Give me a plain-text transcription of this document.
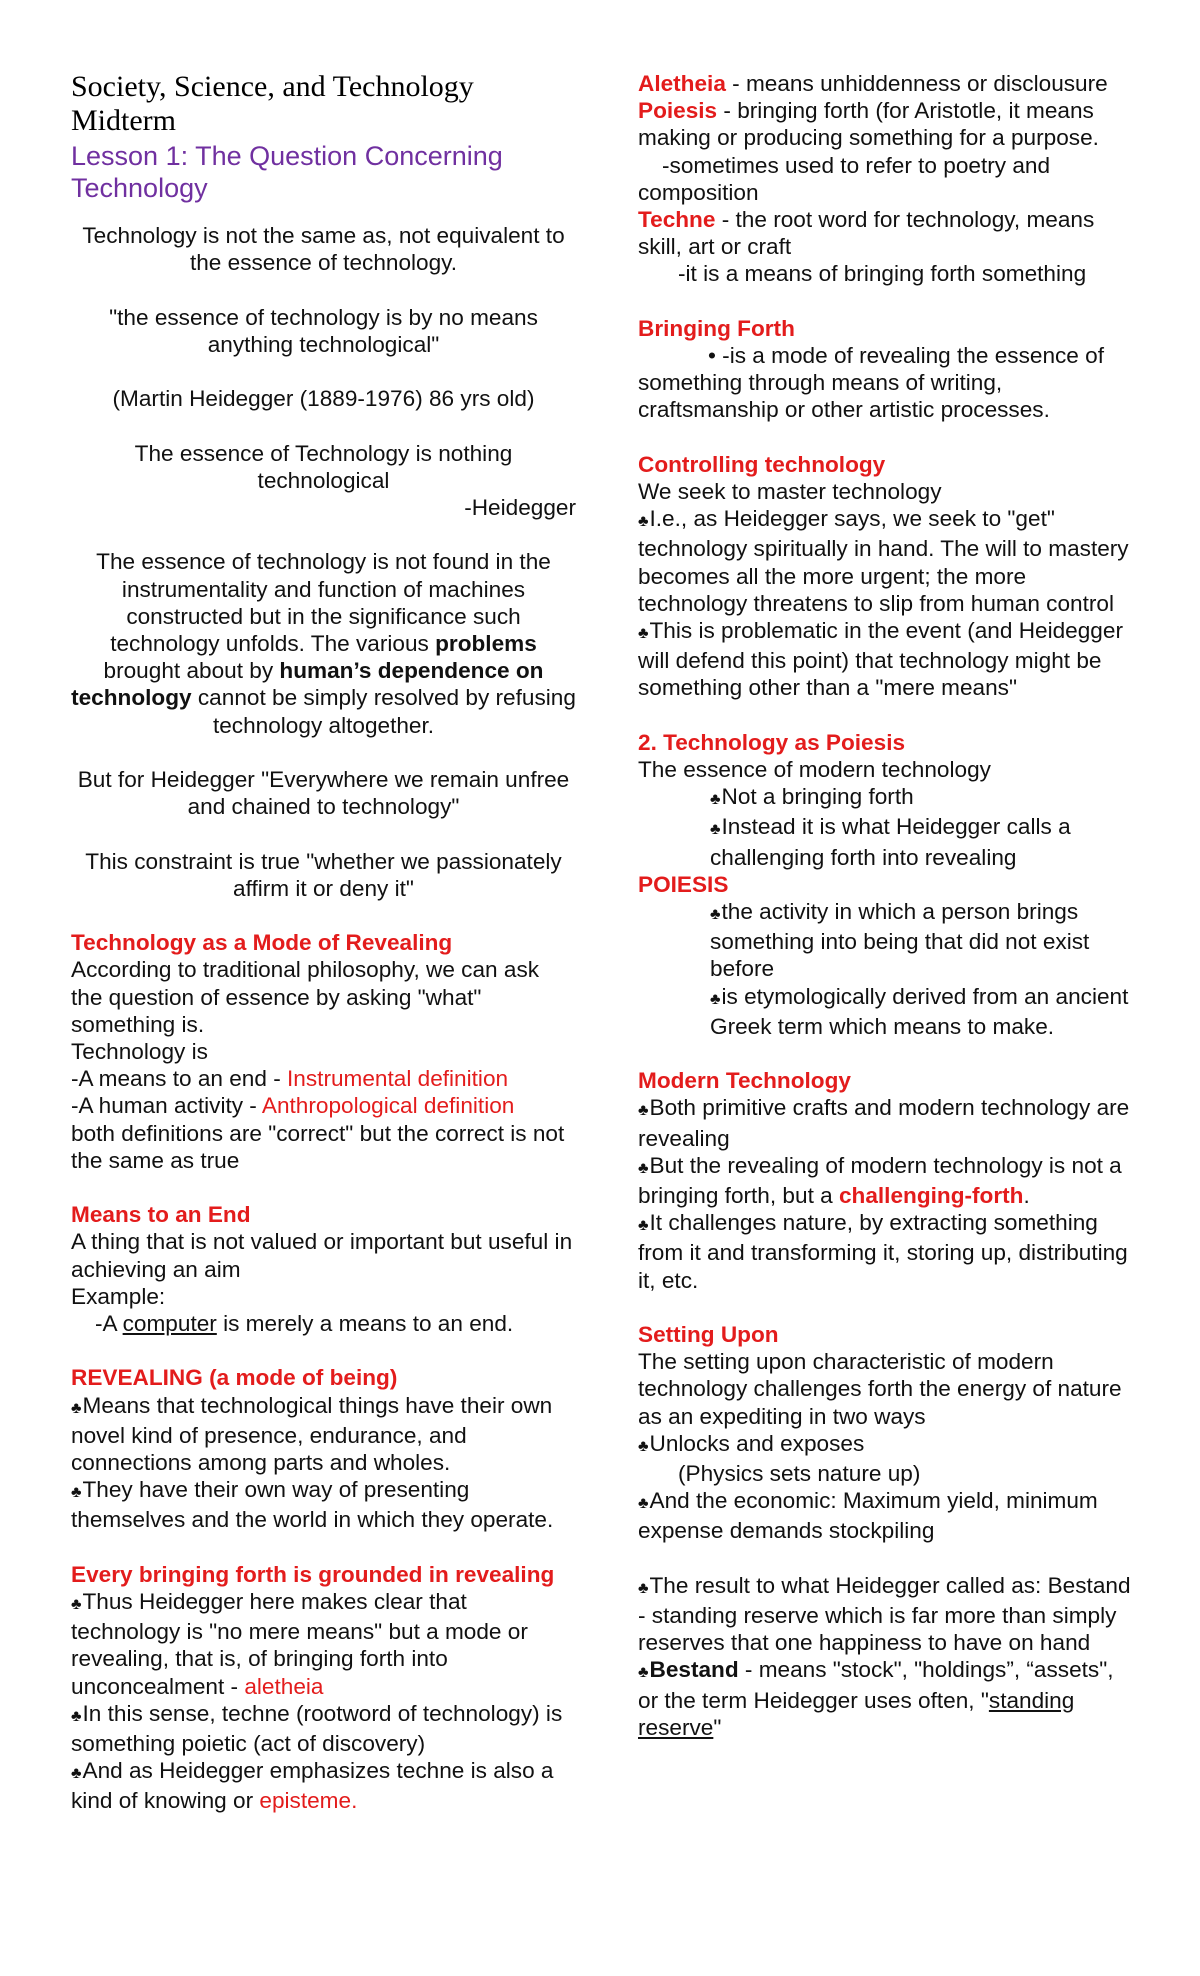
Society, Science, and Technology
Midterm
Lesson 1: The Question Concerning
Technology
Technology is not the same as, not equivalent to the essence of technology.
"the essence of technology is by no means anything technological"
(Martin Heidegger (1889-1976) 86 yrs old)
The essence of Technology is nothing technological
-Heidegger
The essence of technology is not found in the instrumentality and function of machines constructed but in the significance such technology unfolds. The various problems brought about by human’s dependence on technology cannot be simply resolved by refusing technology altogether.
But for Heidegger "Everywhere we remain unfree and chained to technology"
This constraint is true "whether we passionately affirm it or deny it"
Technology as a Mode of Revealing
According to traditional philosophy, we can ask the question of essence by asking "what" something is.
Technology is
-A means to an end - Instrumental definition
-A human activity - Anthropological definition
both definitions are "correct" but the correct is not the same as true
Means to an End
A thing that is not valued or important but useful in achieving an aim
Example:
-A computer is merely a means to an end.
REVEALING (a mode of being)
♣ Means that technological things have their own novel kind of presence, endurance, and connections among parts and wholes.
♣ They have their own way of presenting themselves and the world in which they operate.
Every bringing forth is grounded in revealing
♣ Thus Heidegger here makes clear that technology is "no mere means" but a mode or revealing, that is, of bringing forth into unconcealment - aletheia
♣ In this sense, techne (rootword of technology) is something poietic (act of discovery)
♣ And as Heidegger emphasizes techne is also a kind of knowing or episteme.
Aletheia - means unhiddenness or disclousure
Poiesis - bringing forth (for Aristotle, it means making or producing something for a purpose.
-sometimes used to refer to poetry and
composition
Techne - the root word for technology, means skill, art or craft
-it is a means of bringing forth something
Bringing Forth
• -is a mode of revealing the essence of
something through means of writing, craftsmanship or other artistic processes.
Controlling technology
We seek to master technology
♣ I.e., as Heidegger says, we seek to "get" technology spiritually in hand. The will to mastery becomes all the more urgent; the more technology threatens to slip from human control
♣ This is problematic in the event (and Heidegger will defend this point) that technology might be something other than a "mere means"
2. Technology as Poiesis
The essence of modern technology
♣ Not a bringing forth
♣ Instead it is what Heidegger calls a challenging forth into revealing
POIESIS
♣ the activity in which a person brings something into being that did not exist before
♣ is etymologically derived from an ancient Greek term which means to make.
Modern Technology
♣ Both primitive crafts and modern technology are revealing
♣ But the revealing of modern technology is not a bringing forth, but a challenging-forth.
♣ It challenges nature, by extracting something from it and transforming it, storing up, distributing it, etc.
Setting Upon
The setting upon characteristic of modern technology challenges forth the energy of nature as an expediting in two ways
♣ Unlocks and exposes
(Physics sets nature up)
♣ And the economic: Maximum yield, minimum expense demands stockpiling
♣ The result to what Heidegger called as: Bestand - standing reserve which is far more than simply reserves that one happiness to have on hand
♣ Bestand - means "stock", "holdings”, “assets", or the term Heidegger uses often, "standing reserve"
